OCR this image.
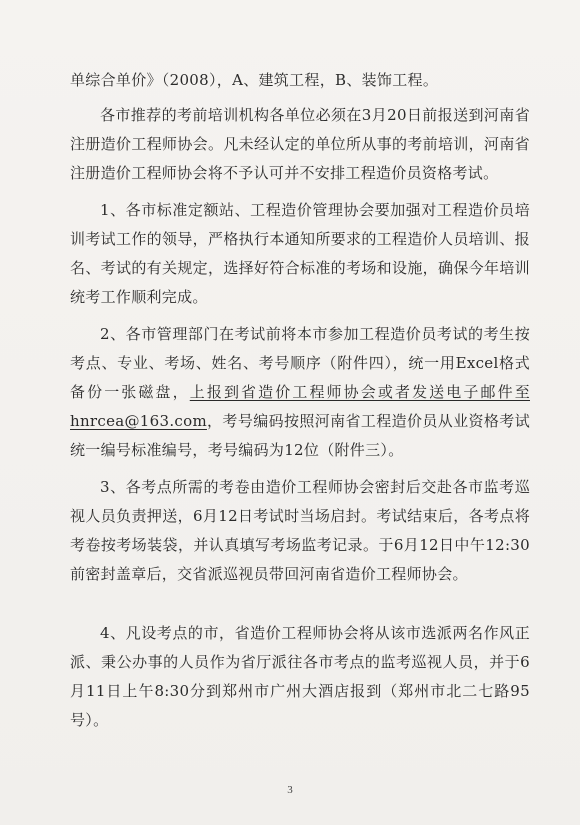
单综合单价》（2008），A、建筑工程，B、装饰工程。

各市推荐的考前培训机构各单位必须在3月20日前报送到河南省注册造价工程师协会。凡未经认定的单位所从事的考前培训，河南省注册造价工程师协会将不予认可并不安排工程造价员资格考试。

1、各市标准定额站、工程造价管理协会要加强对工程造价员培训考试工作的领导，严格执行本通知所要求的工程造价人员培训、报名、考试的有关规定，选择好符合标准的考场和设施，确保今年培训统考工作顺利完成。

2、各市管理部门在考试前将本市参加工程造价员考试的考生按考点、专业、考场、姓名、考号顺序（附件四），统一用Excel格式备份一张磁盘，上报到省造价工程师协会或者发送电子邮件至hnrcea@163.com，考号编码按照河南省工程造价员从业资格考试统一编号标准编号，考号编码为12位（附件三）。

3、各考点所需的考卷由造价工程师协会密封后交赴各市监考巡视人员负责押送，6月12日考试时当场启封。考试结束后，各考点将考卷按考场装袋，并认真填写考场监考记录。于6月12日中午12:30前密封盖章后，交省派巡视员带回河南省造价工程师协会。

4、凡设考点的市，省造价工程师协会将从该市选派两名作风正派、秉公办事的人员作为省厅派往各市考点的监考巡视人员，并于6月11日上午8:30分到郑州市广州大酒店报到（郑州市北二七路95号）。

3
